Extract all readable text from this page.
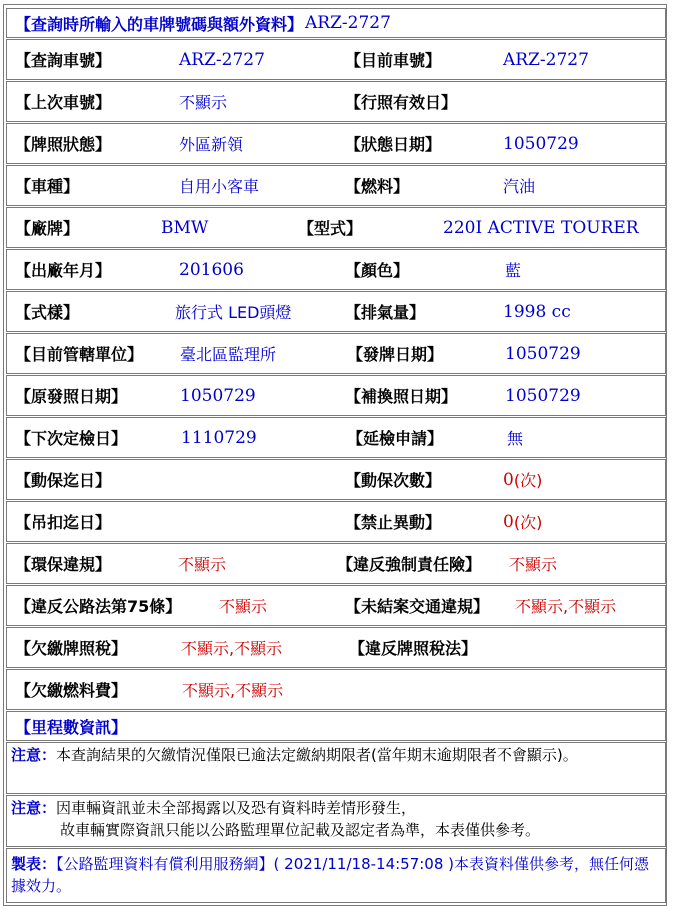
【查詢時所輸入的車牌號碼與額外資料】 ARZ-2727
【查詢車號】	ARZ-2727	【目前車號】	ARZ-2727
【上次車號】	不顯示	【行照有效日】
【牌照狀態】	外區新領	【狀態日期】	1050729
【車種】	自用小客車	【燃料】	汽油
【廠牌】	BMW	【型式】	220I ACTIVE TOURER
【出廠年月】	201606	【顏色】	藍
【式樣】	旅行式 LED頭燈	【排氣量】	1998 cc
【目前管轄單位】 臺北區監理所	【發牌日期】	1050729
【原發照日期】	1050729	【補換照日期】	1050729
【下次定檢日】	1110729	【延檢申請】	無
【動保迄日】	【動保次數】	0 (次)
【吊扣迄日】	【禁止異動】	0 (次)
【環保違規】	不顯示	【違反強制責任險】 不顯示
【違反公路法第75條】 不顯示	【未結案交通違規】 不顯示,不顯示
【欠繳牌照稅】	不顯示,不顯示	【違反牌照稅法】
【欠繳燃料費】	不顯示,不顯示
【里程數資訊】
注意：本查詢結果的欠繳情況僅限已逾法定繳納期限者(當年期末逾期限者不會顯示)。
注意：因車輛資訊並未全部揭露以及恐有資料時差情形發生，
故車輛實際資訊只能以公路監理單位記載及認定者為準，本表僅供參考。
製表：【公路監理資料有償利用服務網】( 2021/11/18-14:57:08 )本表資料僅供參考，無任何憑據效力。
